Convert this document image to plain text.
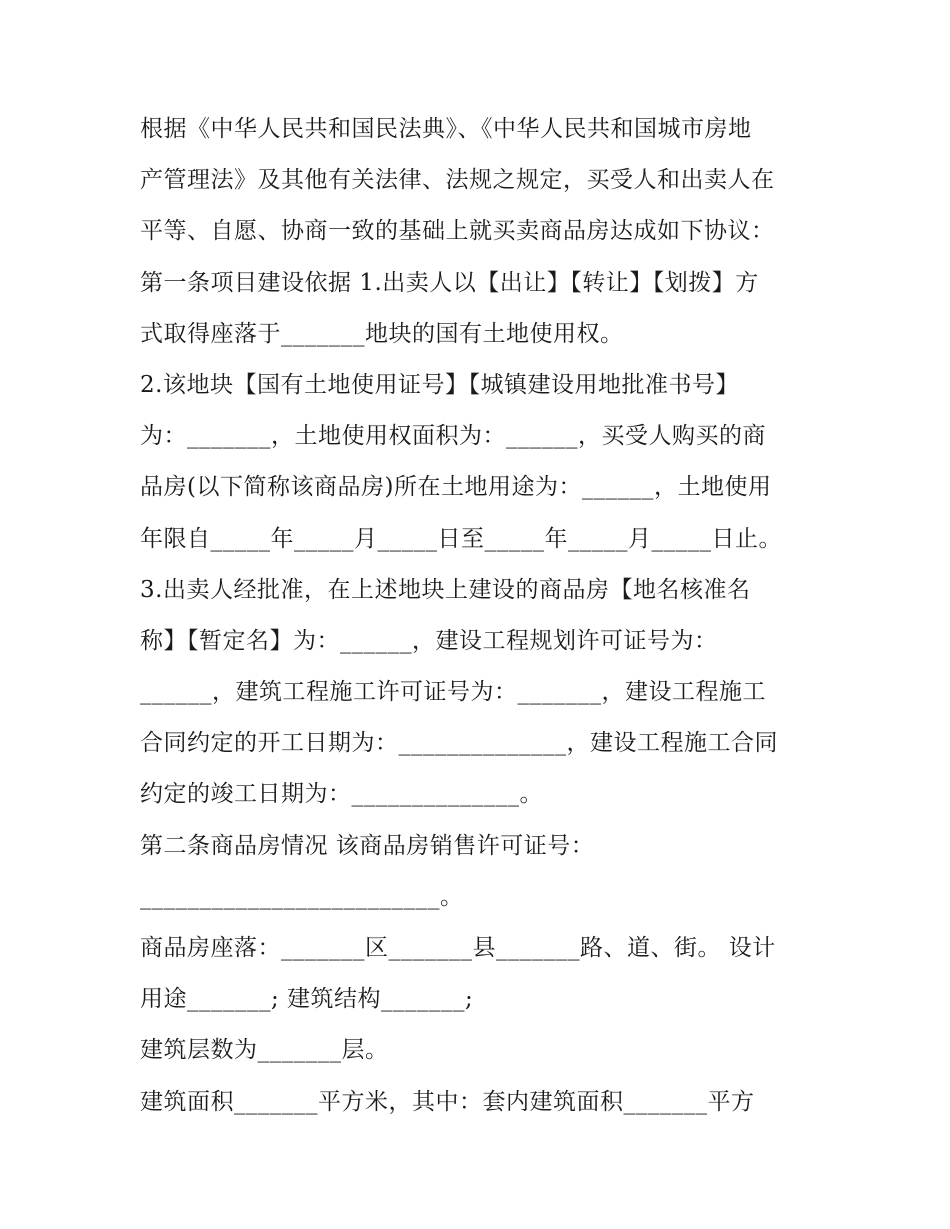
根据《中华人民共和国民法典》、《中华人民共和国城市房地
产管理法》及其他有关法律、法规之规定，买受人和出卖人在
平等、自愿、协商一致的基础上就买卖商品房达成如下协议：
第一条项目建设依据 1.出卖人以【出让】【转让】【划拨】方
式取得座落于_______地块的国有土地使用权。
2.该地块【国有土地使用证号】【城镇建设用地批准书号】
为：_______，土地使用权面积为：______，买受人购买的商
品房(以下简称该商品房)所在土地用途为：______，土地使用
年限自_____年_____月_____日至_____年_____月_____日止。
3.出卖人经批准，在上述地块上建设的商品房【地名核准名
称】【暂定名】为：______，建设工程规划许可证号为：
______，建筑工程施工许可证号为：_______，建设工程施工
合同约定的开工日期为：______________，建设工程施工合同
约定的竣工日期为：______________。
第二条商品房情况 该商品房销售许可证号：
_________________________。
商品房座落：_______区_______县_______路、道、街。 设计
用途_______; 建筑结构_______;
建筑层数为_______层。
建筑面积_______平方米，其中：套内建筑面积_______平方
